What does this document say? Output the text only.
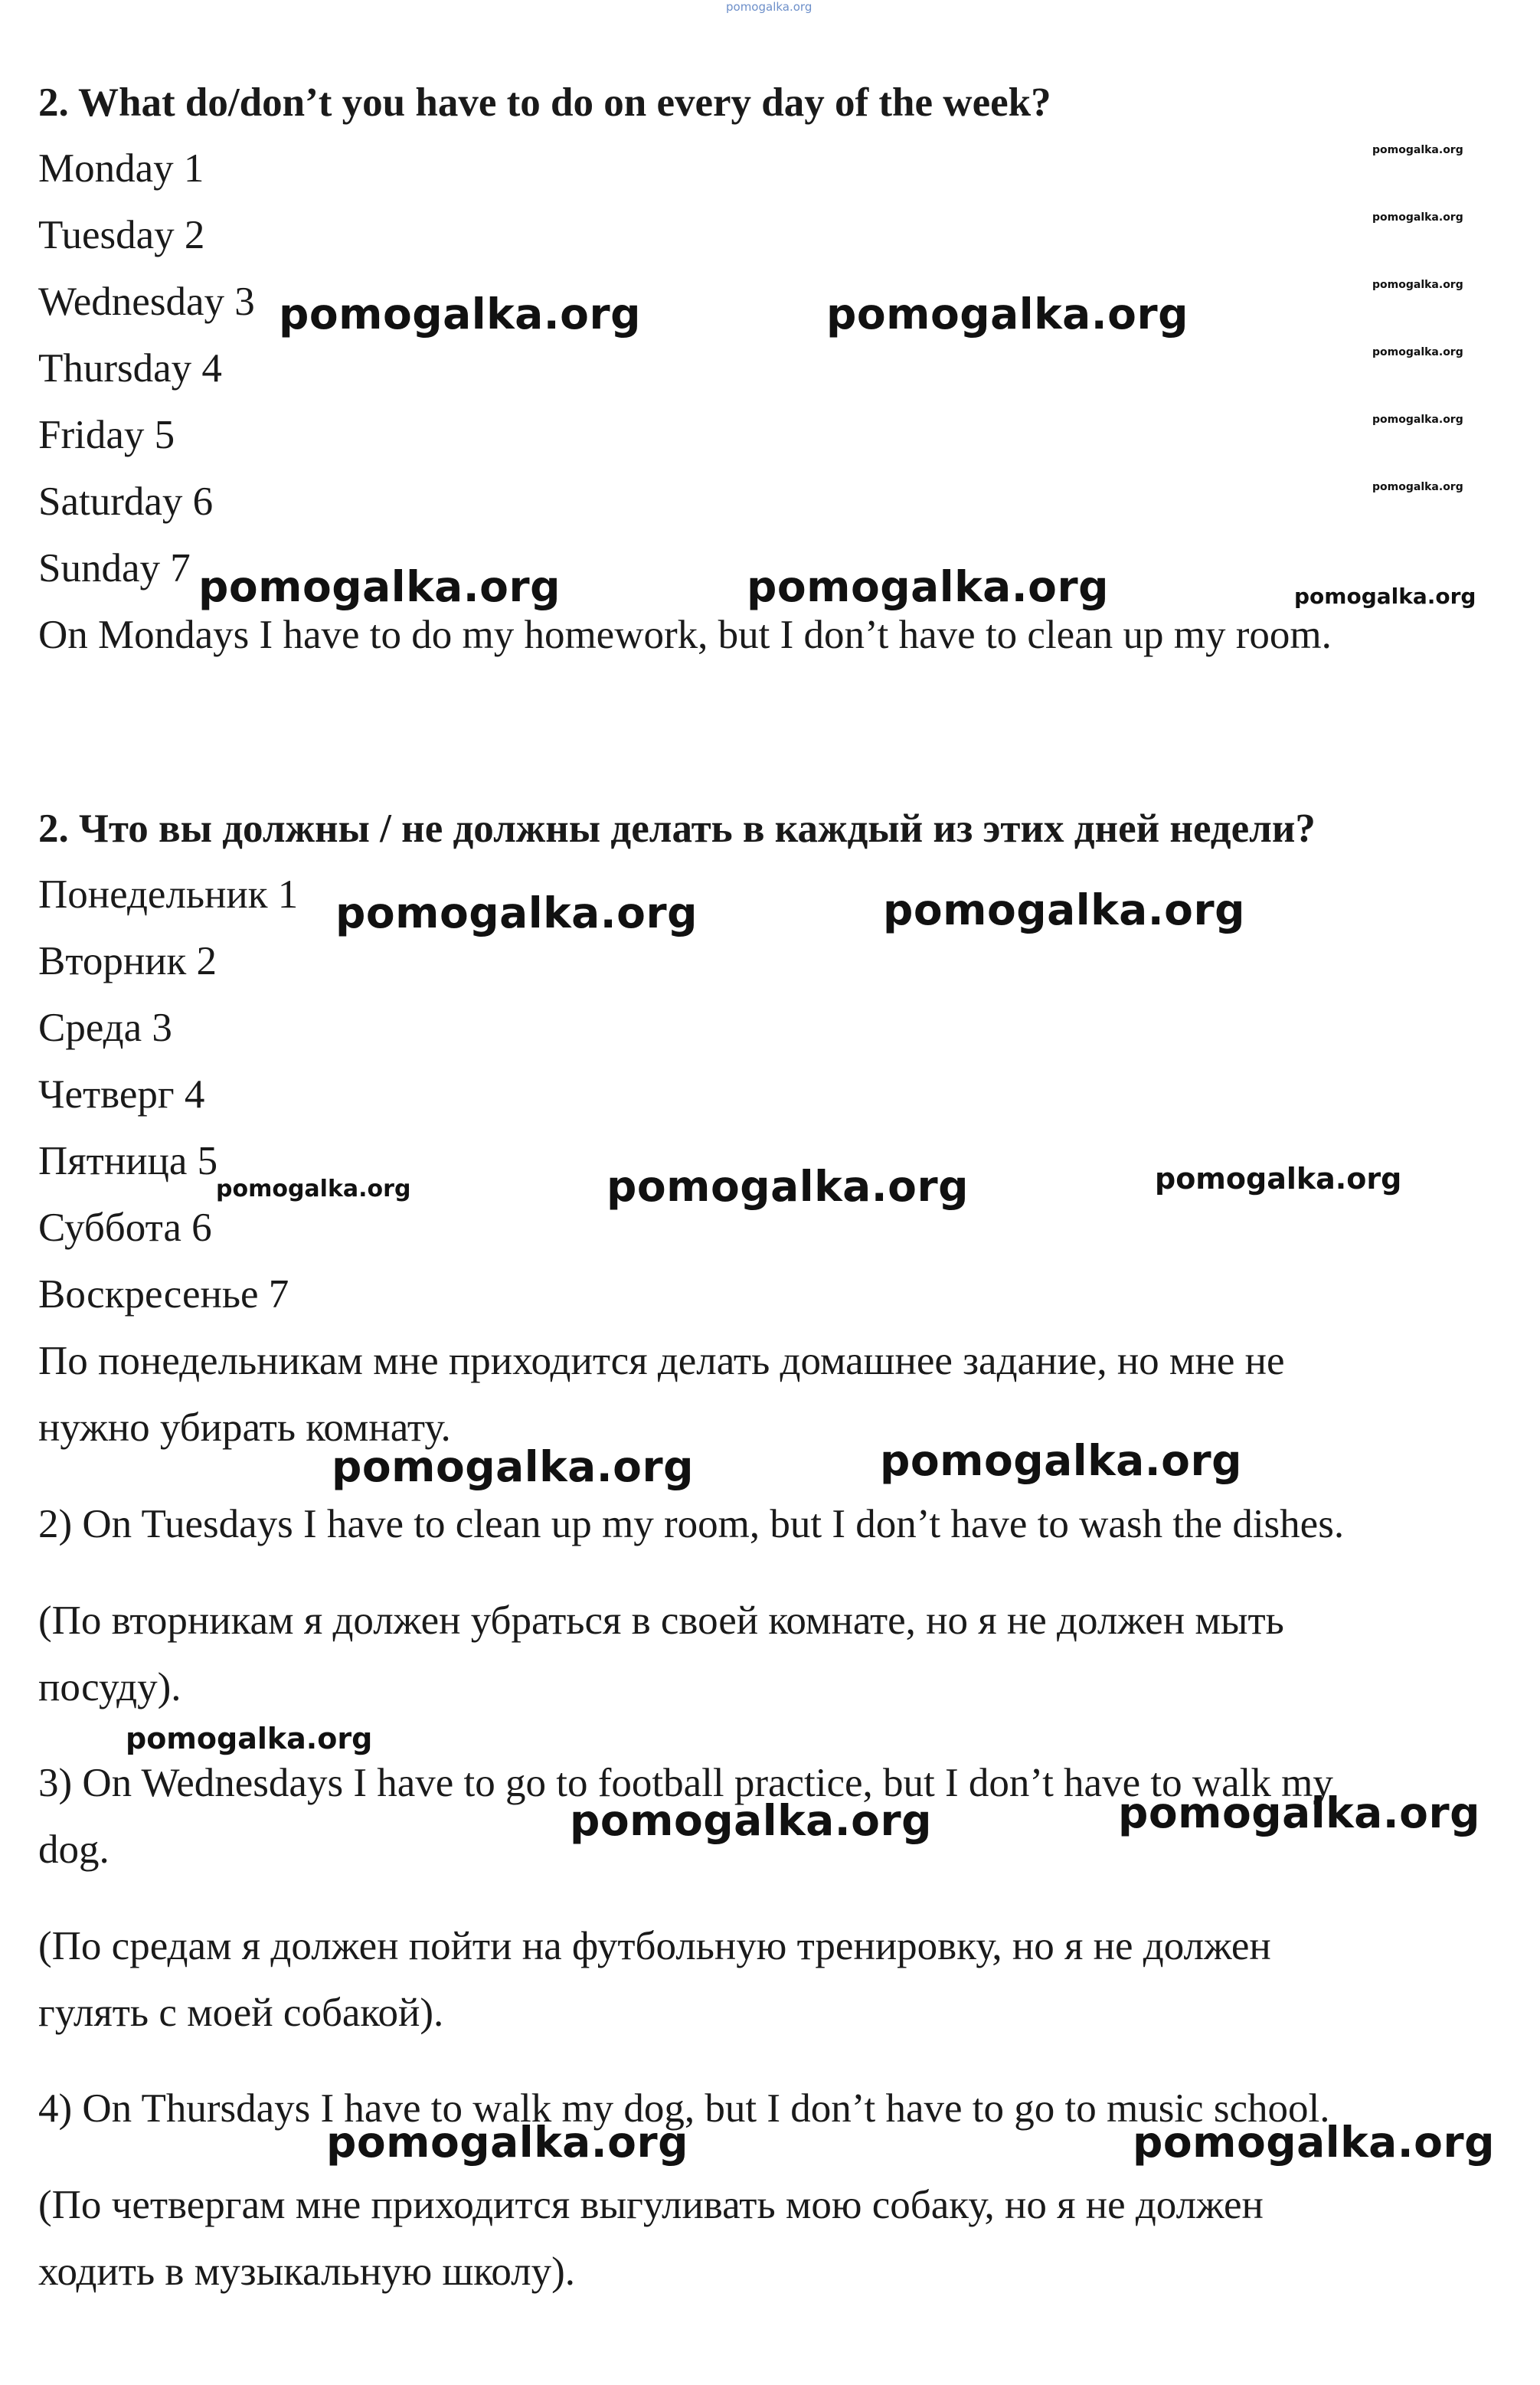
pomogalka.org

2. What do/don’t you have to do on every day of the week?

Monday 1

Tuesday 2

Wednesday 3

Thursday 4

Friday 5

Saturday 6

Sunday 7

On Mondays I have to do my homework, but I don’t have to clean up my room.

2. Что вы должны / не должны делать в каждый из этих дней недели?

Понедельник 1

Вторник 2

Среда 3

Четверг 4

Пятница 5

Суббота 6

Воскресенье 7

По понедельникам мне приходится делать домашнее задание, но мне не

нужно убирать комнату.

2) On Tuesdays I have to clean up my room, but I don’t have to wash the dishes.

(По вторникам я должен убраться в своей комнате, но я не должен мыть

посуду).

3) On Wednesdays I have to go to football practice, but I don’t have to walk my

dog.

(По средам я должен пойти на футбольную тренировку, но я не должен

гулять с моей собакой).

4) On Thursdays I have to walk my dog, but I don’t have to go to music school.

(По четвергам мне приходится выгуливать мою собаку, но я не должен

ходить в музыкальную школу).

pomogalka.org

pomogalka.org

pomogalka.org

pomogalka.org

pomogalka.org

pomogalka.org

pomogalka.org	pomogalka.org

pomogalka.org	pomogalka.org	pomogalka.org

pomogalka.org	pomogalka.org

pomogalka.org	pomogalka.org	pomogalka.org

pomogalka.org	pomogalka.org

pomogalka.org

pomogalka.org	pomogalka.org

pomogalka.org	pomogalka.org
